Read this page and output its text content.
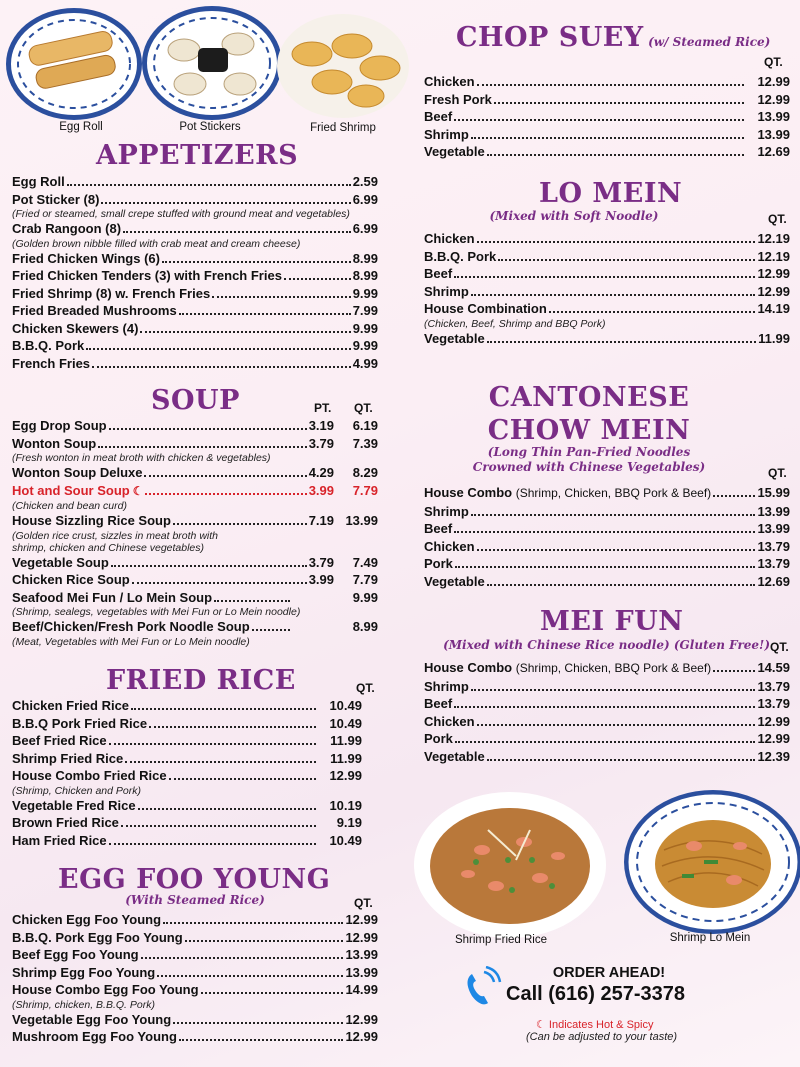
Egg Roll	Pot Stickers	Fried Shrimp
APPETIZERS
Egg Roll	2.59
Pot Sticker (8)	6.99
(Fried or steamed, small crepe stuffed with ground meat and vegetables)
Crab Rangoon (8)	6.99
(Golden brown nibble filled with crab meat and cream cheese)
Fried Chicken Wings (6)	8.99
Fried Chicken Tenders (3) with French Fries	8.99
Fried Shrimp (8) w. French Fries	9.99
Fried Breaded Mushrooms	7.99
Chicken Skewers (4)	9.99
B.B.Q. Pork	9.99
French Fries	4.99
SOUP	PT. QT.
Egg Drop Soup	3.19	6.19
Wonton Soup	3.79	7.39
(Fresh wonton in meat broth with chicken & vegetables)
Wonton Soup Deluxe	4.29	8.29
Hot and Sour Soup ☾	3.99	7.79
(Chicken and bean curd)
House Sizzling Rice Soup	7.19 13.99
(Golden rice crust, sizzles in meat broth with
shrimp, chicken and Chinese vegetables)
Vegetable Soup	3.79	7.49
Chicken Rice Soup	3.99	7.79
Seafood Mei Fun / Lo Mein Soup	9.99
(Shrimp, sealegs, vegetables with Mei Fun or Lo Mein noodle)
Beef/Chicken/Fresh Pork Noodle Soup	8.99
(Meat, Vegetables with Mei Fun or Lo Mein noodle)
FRIED RICE	QT.
Chicken Fried Rice	10.49
B.B.Q Pork Fried Rice	10.49
Beef Fried Rice	11.99
Shrimp Fried Rice	11.99
House Combo Fried Rice	12.99
(Shrimp, Chicken and Pork)
Vegetable Fred Rice	10.19
Brown Fried Rice	9.19
Ham Fried Rice	10.49
EGG FOO YOUNG
(With Steamed Rice)	QT.
Chicken Egg Foo Young	12.99
B.B.Q. Pork Egg Foo Young	12.99
Beef Egg Foo Young	13.99
Shrimp Egg Foo Young	13.99
House Combo Egg Foo Young	14.99
(Shrimp, chicken, B.B.Q. Pork)
Vegetable Egg Foo Young	12.99
Mushroom Egg Foo Young	12.99
CHOP SUEY (w/ Steamed Rice)
QT.
Chicken	12.99
Fresh Pork	12.99
Beef	13.99
Shrimp	13.99
Vegetable	12.69
LO MEIN
(Mixed with Soft Noodle)	QT.
Chicken	12.19
B.B.Q. Pork	12.19
Beef	12.99
Shrimp	12.99
House Combination	14.19
(Chicken, Beef, Shrimp and BBQ Pork)
Vegetable	11.99
CANTONESE
CHOW MEIN
(Long Thin Pan-Fried Noodles
Crowned with Chinese Vegetables)	QT.
House Combo (Shrimp, Chicken, BBQ Pork & Beef)	15.99
Shrimp	13.99
Beef	13.99
Chicken	13.79
Pork	13.79
Vegetable	12.69
MEI FUN
(Mixed with Chinese Rice noodle) (Gluten Free!) QT.
House Combo (Shrimp, Chicken, BBQ Pork & Beef)	14.59
Shrimp	13.79
Beef	13.79
Chicken	12.99
Pork	12.99
Vegetable	12.39
Shrimp Fried Rice	Shrimp Lo Mein
ORDER AHEAD!
Call (616) 257-3378
☾ Indicates Hot & Spicy
(Can be adjusted to your taste)
